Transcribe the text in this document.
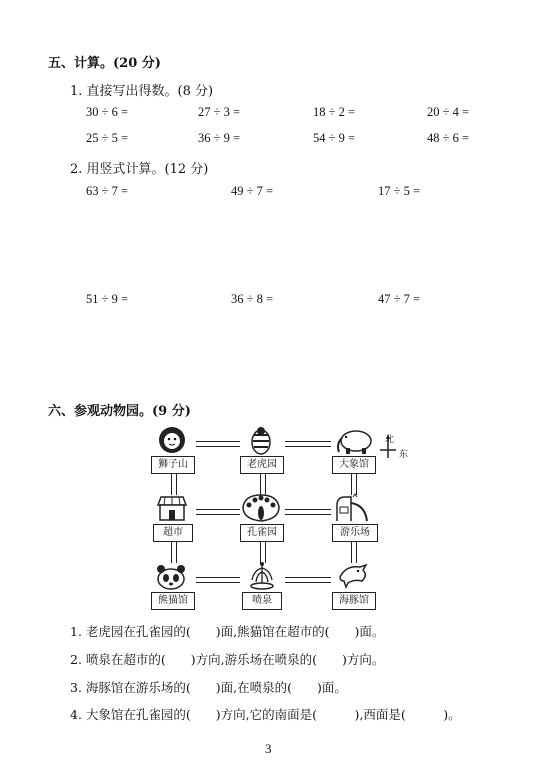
五、计算。(20 分)
1. 直接写出得数。(8 分)
30 ÷ 6 =	27 ÷ 3 =	18 ÷ 2 =	20 ÷ 4 =
25 ÷ 5 =	36 ÷ 9 =	54 ÷ 9 =	48 ÷ 6 =
2. 用竖式计算。(12 分)
63 ÷ 7 =	49 ÷ 7 =	17 ÷ 5 =
51 ÷ 9 =	36 ÷ 8 =	47 ÷ 7 =
六、参观动物园。(9 分)
狮子山	老虎园	大象馆
北
东
超市	孔雀园	游乐场
熊猫馆	喷泉	海豚馆
1. 老虎园在孔雀园的(　　)面,熊猫馆在超市的(　　)面。
2. 喷泉在超市的(　　)方向,游乐场在喷泉的(　　)方向。
3. 海豚馆在游乐场的(　　)面,在喷泉的(　　)面。
4. 大象馆在孔雀园的(　　)方向,它的南面是(　　　),西面是(　　　)。
3
